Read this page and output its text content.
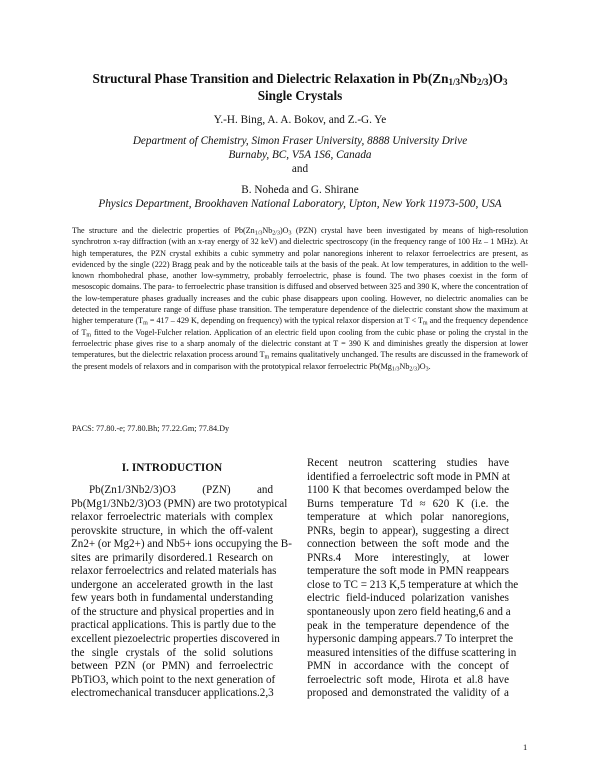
Structural Phase Transition and Dielectric Relaxation in $Pb(Zn_{1/3}Nb_{2/3})O_3$
Single Crystals
Y.-H. Bing, A. A. Bokov, and Z.-G. Ye
Department of Chemistry, Simon Fraser University, 8888 University Drive
Burnaby, BC, V5A 1S6, Canada
and
B. Noheda and G. Shirane
Physics Department, Brookhaven National Laboratory, Upton, New York 11973-500, USA
The structure and the dielectric properties of $Pb(Zn_{1/3}Nb_{2/3})O_3$ (PZN) crystal have been investigated by means of high-resolution synchrotron x-ray diffraction (with an x-ray energy of 32 keV) and dielectric spectroscopy (in the frequency range of 100 Hz – 1 MHz). At high temperatures, the PZN crystal exhibits a cubic symmetry and polar nanoregions inherent to relaxor ferroelectrics are present, as evidenced by the single (222) Bragg peak and by the noticeable tails at the basis of the peak. At low temperatures, in addition to the well-known rhombohedral phase, another low-symmetry, probably ferroelectric, phase is found. The two phases coexist in the form of mesoscopic domains. The para- to ferroelectric phase transition is diffused and observed between 325 and 390 K, where the concentration of the low-temperature phases gradually increases and the cubic phase disappears upon cooling. However, no dielectric anomalies can be detected in the temperature range of diffuse phase transition. The temperature dependence of the dielectric constant show the maximum at higher temperature ($T_m = 417 - 429$ K, depending on frequency) with the typical relaxor dispersion at $T < T_m$ and the frequency dependence of $T_m$ fitted to the Vogel-Fulcher relation. Application of an electric field upon cooling from the cubic phase or poling the crystal in the ferroelectric phase gives rise to a sharp anomaly of the dielectric constant at T = 390 K and diminishes greatly the dispersion at lower temperatures, but the dielectric relaxation process around $T_m$ remains qualitatively unchanged. The results are discussed in the framework of the present models of relaxors and in comparison with the prototypical relaxor ferroelectric $Pb(Mg_{1/3}Nb_{2/3})O_3$.
PACS: 77.80.-e; 77.80.Bh; 77.22.Gm; 77.84.Dy
I. INTRODUCTION
Pb(Zn1/3Nb2/3)O3 (PZN) and
Pb(Mg1/3Nb2/3)O3 (PMN) are two prototypical
relaxor ferroelectric materials with complex
perovskite structure, in which the off-valent
Zn2+ (or Mg2+) and Nb5+ ions occupying the B-
sites are primarily disordered.1 Research on
relaxor ferroelectrics and related materials has
undergone an accelerated growth in the last
few years both in fundamental understanding
of the structure and physical properties and in
practical applications. This is partly due to the
excellent piezoelectric properties discovered in
the single crystals of the solid solutions
between PZN (or PMN) and ferroelectric
PbTiO3, which point to the next generation of
electromechanical transducer applications.2,3
Recent neutron scattering studies have
identified a ferroelectric soft mode in PMN at
1100 K that becomes overdamped below the
Burns temperature Td ≈ 620 K (i.e. the
temperature at which polar nanoregions,
PNRs, begin to appear), suggesting a direct
connection between the soft mode and the
PNRs.4 More interestingly, at lower
temperature the soft mode in PMN reappears
close to TC = 213 K,5 temperature at which the
electric field-induced polarization vanishes
spontaneously upon zero field heating,6 and a
peak in the temperature dependence of the
hypersonic damping appears.7 To interpret the
measured intensities of the diffuse scattering in
PMN in accordance with the concept of
ferroelectric soft mode, Hirota et al.8 have
proposed and demonstrated the validity of a
1
